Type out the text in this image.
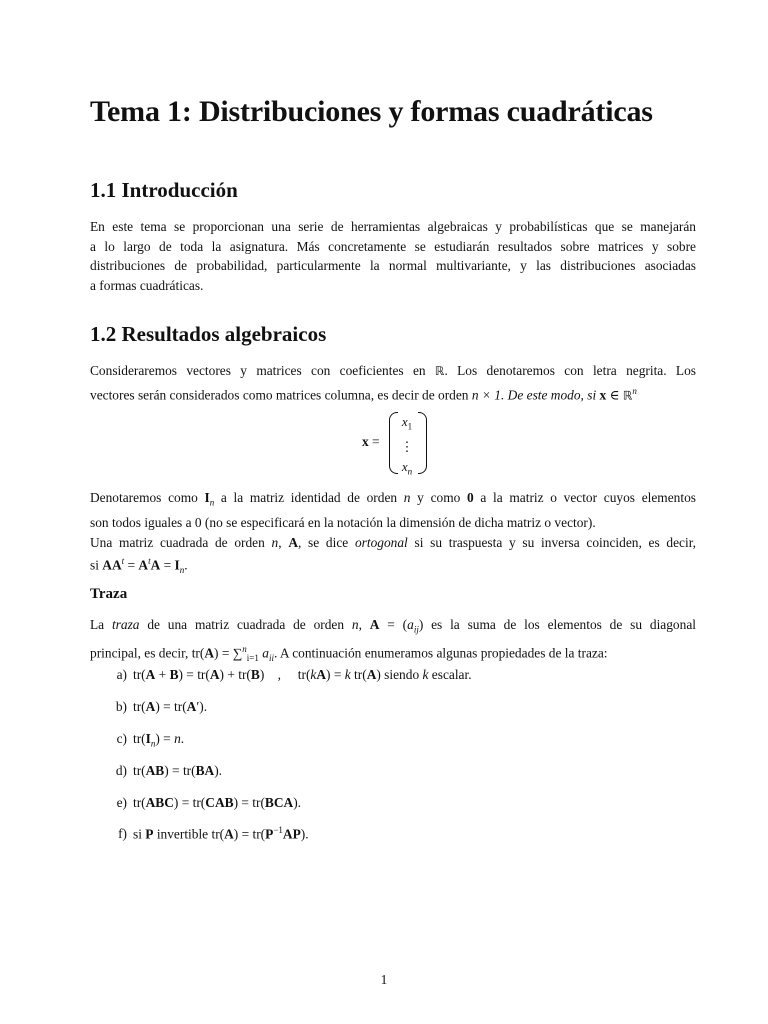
Tema 1: Distribuciones y formas cuadráticas
1.1 Introducción
En este tema se proporcionan una serie de herramientas algebraicas y probabilísticas que se manejarán
a lo largo de toda la asignatura. Más concretamente se estudiarán resultados sobre matrices y sobre
distribuciones de probabilidad, particularmente la normal multivariante, y las distribuciones asociadas
a formas cuadráticas.
1.2 Resultados algebraicos
Consideraremos vectores y matrices con coeficientes en ℝ. Los denotaremos con letra negrita. Los
vectores serán considerados como matrices columna, es decir de orden n × 1. De este modo, si x ∈ ℝ$^n$
x =
$x_1$
⋮
$x_n$
Denotaremos como $I_n$ a la matriz identidad de orden n y como 0 a la matriz o vector cuyos elementos
son todos iguales a 0 (no se especificará en la notación la dimensión de dicha matriz o vector).
Una matriz cuadrada de orden n, A, se dice ortogonal si su traspuesta y su inversa coinciden, es decir,
si $AA^t = A^tA = I_n$.
Traza
La traza de una matriz cuadrada de orden n, $A = (a_{ij})$ es la suma de los elementos de su diagonal
principal, es decir, tr(A) = ∑$^n_{i=1}$ $a_{ii}$. A continuación enumeramos algunas propiedades de la traza:
a) tr(A + B) = tr(A) + tr(B)    ,     tr(kA) = k tr(A) siendo k escalar.
b) tr(A) = tr(A′).
c) $tr(I_n) = n$.
d) tr(AB) = tr(BA).
e) tr(ABC) = tr(CAB) = tr(BCA).
f) si P invertible $tr(A) = tr(P^{-1}AP)$.
1
